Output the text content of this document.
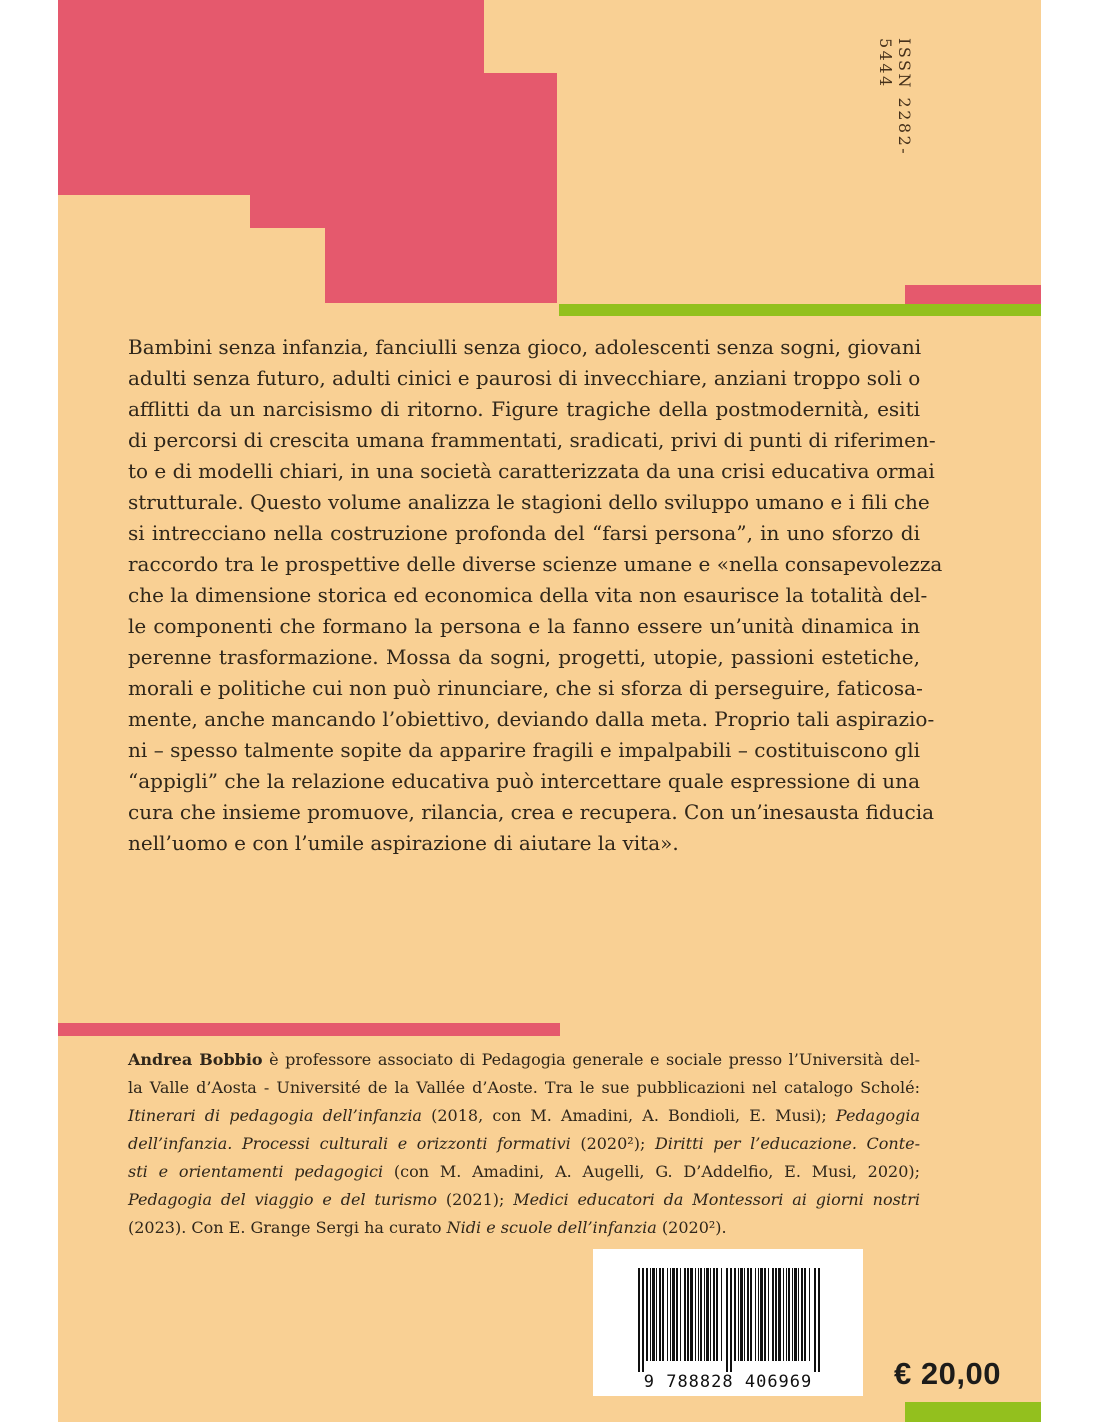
ISSN 2282-5444
Bambini senza infanzia, fanciulli senza gioco, adolescenti senza sogni, giovani
adulti senza futuro, adulti cinici e paurosi di invecchiare, anziani troppo soli o
afflitti da un narcisismo di ritorno. Figure tragiche della postmodernità, esiti
di percorsi di crescita umana frammentati, sradicati, privi di punti di riferimen-
to e di modelli chiari, in una società caratterizzata da una crisi educativa ormai
strutturale. Questo volume analizza le stagioni dello sviluppo umano e i fili che
si intrecciano nella costruzione profonda del “farsi persona”, in uno sforzo di
raccordo tra le prospettive delle diverse scienze umane e «nella consapevolezza
che la dimensione storica ed economica della vita non esaurisce la totalità del-
le componenti che formano la persona e la fanno essere un’unità dinamica in
perenne trasformazione. Mossa da sogni, progetti, utopie, passioni estetiche,
morali e politiche cui non può rinunciare, che si sforza di perseguire, faticosa-
mente, anche mancando l’obiettivo, deviando dalla meta. Proprio tali aspirazio-
ni – spesso talmente sopite da apparire fragili e impalpabili – costituiscono gli
“appigli” che la relazione educativa può intercettare quale espressione di una
cura che insieme promuove, rilancia, crea e recupera. Con un’inesausta fiducia
nell’uomo e con l’umile aspirazione di aiutare la vita».
Andrea Bobbio è professore associato di Pedagogia generale e sociale presso l’Università del-
la Valle d’Aosta - Université de la Vallée d’Aoste. Tra le sue pubblicazioni nel catalogo Scholé:
Itinerari di pedagogia dell’infanzia (2018, con M. Amadini, A. Bondioli, E. Musi); Pedagogia
dell’infanzia. Processi culturali e orizzonti formativi (2020²); Diritti per l’educazione. Conte-
sti e orientamenti pedagogici (con M. Amadini, A. Augelli, G. D’Addelfio, E. Musi, 2020);
Pedagogia del viaggio e del turismo (2021); Medici educatori da Montessori ai giorni nostri
(2023). Con E. Grange Sergi ha curato Nidi e scuole dell’infanzia (2020²).
9 788828 406969	€ 20,00
